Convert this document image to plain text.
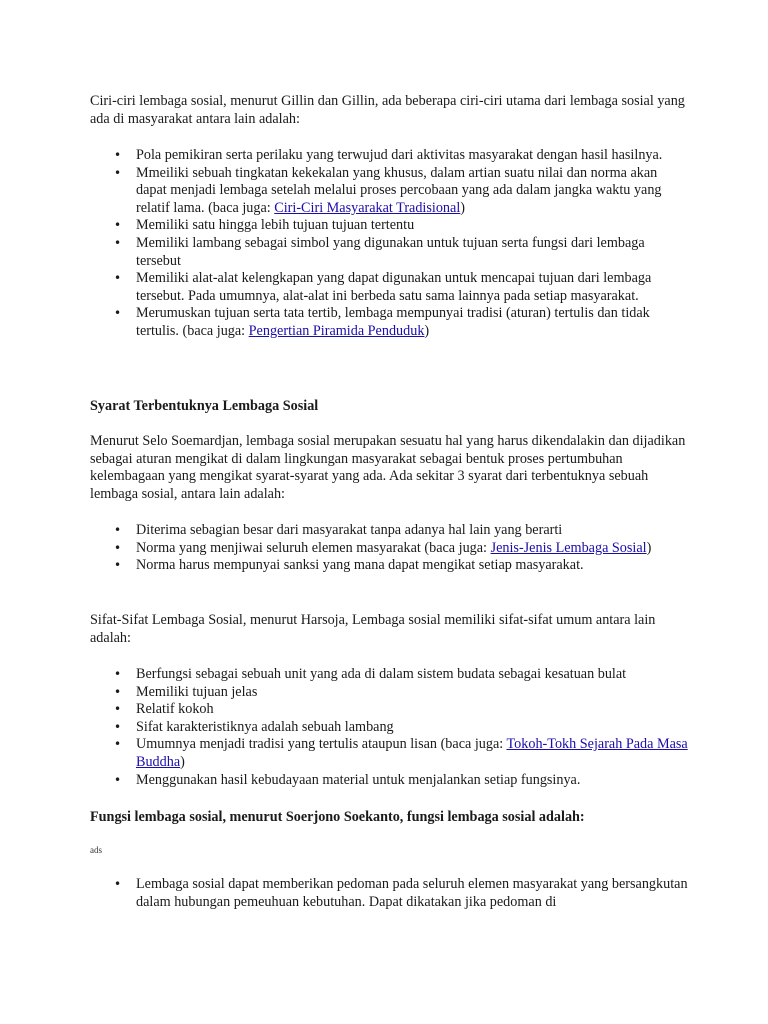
Ciri-ciri lembaga sosial, menurut Gillin dan Gillin, ada beberapa ciri-ciri utama dari lembaga sosial yang ada di masyarakat antara lain adalah:

• Pola pemikiran serta perilaku yang terwujud dari aktivitas masyarakat dengan hasil hasilnya.
• Mmeiliki sebuah tingkatan kekekalan yang khusus, dalam artian suatu nilai dan norma akan dapat menjadi lembaga setelah melalui proses percobaan yang ada dalam jangka waktu yang relatif lama. (baca juga: Ciri-Ciri Masyarakat Tradisional)
• Memiliki satu hingga lebih tujuan tujuan tertentu
• Memiliki lambang sebagai simbol yang digunakan untuk tujuan serta fungsi dari lembaga tersebut
• Memiliki alat-alat kelengkapan yang dapat digunakan untuk mencapai tujuan dari lembaga tersebut. Pada umumnya, alat-alat ini berbeda satu sama lainnya pada setiap masyarakat.
• Merumuskan tujuan serta tata tertib, lembaga mempunyai tradisi (aturan) tertulis dan tidak tertulis. (baca juga: Pengertian Piramida Penduduk)
Syarat Terbentuknya Lembaga Sosial

Menurut Selo Soemardjan, lembaga sosial merupakan sesuatu hal yang harus dikendalakin dan dijadikan sebagai aturan mengikat di dalam lingkungan masyarakat sebagai bentuk proses pertumbuhan kelembagaan yang mengikat syarat-syarat yang ada. Ada sekitar 3 syarat dari terbentuknya sebuah lembaga sosial, antara lain adalah:

• Diterima sebagian besar dari masyarakat tanpa adanya hal lain yang berarti
• Norma yang menjiwai seluruh elemen masyarakat (baca juga: Jenis-Jenis Lembaga Sosial)
• Norma harus mempunyai sanksi yang mana dapat mengikat setiap masyarakat.

Sifat-Sifat Lembaga Sosial, menurut Harsoja, Lembaga sosial memiliki sifat-sifat umum antara lain adalah:

• Berfungsi sebagai sebuah unit yang ada di dalam sistem budata sebagai kesatuan bulat
• Memiliki tujuan jelas
• Relatif kokoh
• Sifat karakteristiknya adalah sebuah lambang
• Umumnya menjadi tradisi yang tertulis ataupun lisan (baca juga: Tokoh-Tokh Sejarah Pada Masa Buddha)
• Menggunakan hasil kebudayaan material untuk menjalankan setiap fungsinya.
Fungsi lembaga sosial, menurut Soerjono Soekanto, fungsi lembaga sosial adalah:
ads
• Lembaga sosial dapat memberikan pedoman pada seluruh elemen masyarakat yang bersangkutan dalam hubungan pemeuhuan kebutuhan. Dapat dikatakan jika pedoman di
